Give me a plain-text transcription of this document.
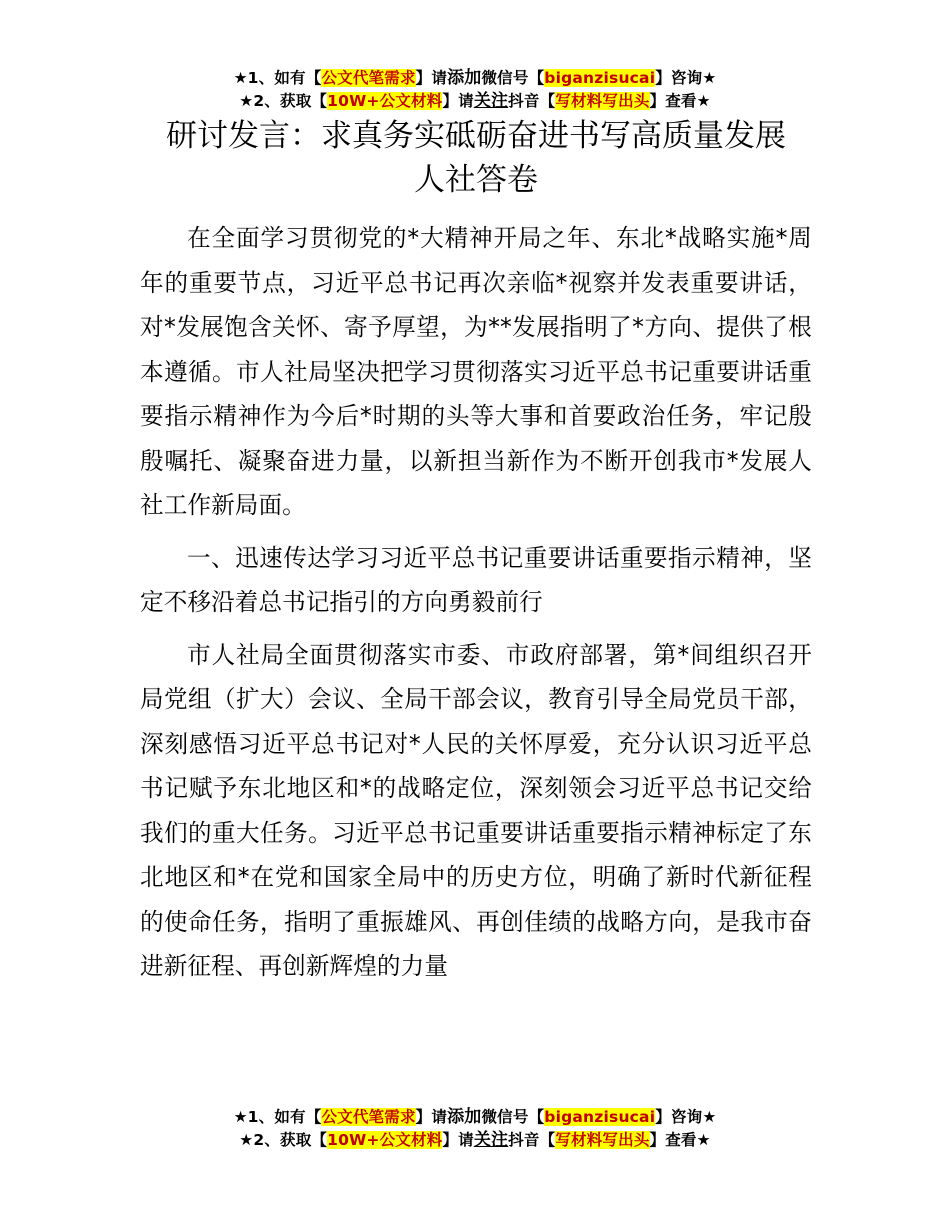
★1、如有【公文代笔需求】请添加微信号【biganzisucai】咨询★
★2、获取【10W+公文材料】请关注抖音【写材料写出头】查看★
研讨发言：求真务实砥砺奋进书写高质量发展
人社答卷

在全面学习贯彻党的*大精神开局之年、东北*战略实施*周年的重要节点，习近平总书记再次亲临*视察并发表重要讲话，对*发展饱含关怀、寄予厚望，为**发展指明了*方向、提供了根本遵循。市人社局坚决把学习贯彻落实习近平总书记重要讲话重要指示精神作为今后*时期的头等大事和首要政治任务，牢记殷殷嘱托、凝聚奋进力量，以新担当新作为不断开创我市*发展人社工作新局面。

一、迅速传达学习习近平总书记重要讲话重要指示精神，坚定不移沿着总书记指引的方向勇毅前行

市人社局全面贯彻落实市委、市政府部署，第*间组织召开局党组（扩大）会议、全局干部会议，教育引导全局党员干部，深刻感悟习近平总书记对*人民的关怀厚爱，充分认识习近平总书记赋予东北地区和*的战略定位，深刻领会习近平总书记交给我们的重大任务。习近平总书记重要讲话重要指示精神标定了东北地区和*在党和国家全局中的历史方位，明确了新时代新征程的使命任务，指明了重振雄风、再创佳绩的战略方向，是我市奋进新征程、再创新辉煌的力量

★1、如有【公文代笔需求】请添加微信号【biganzisucai】咨询★
★2、获取【10W+公文材料】请关注抖音【写材料写出头】查看★
